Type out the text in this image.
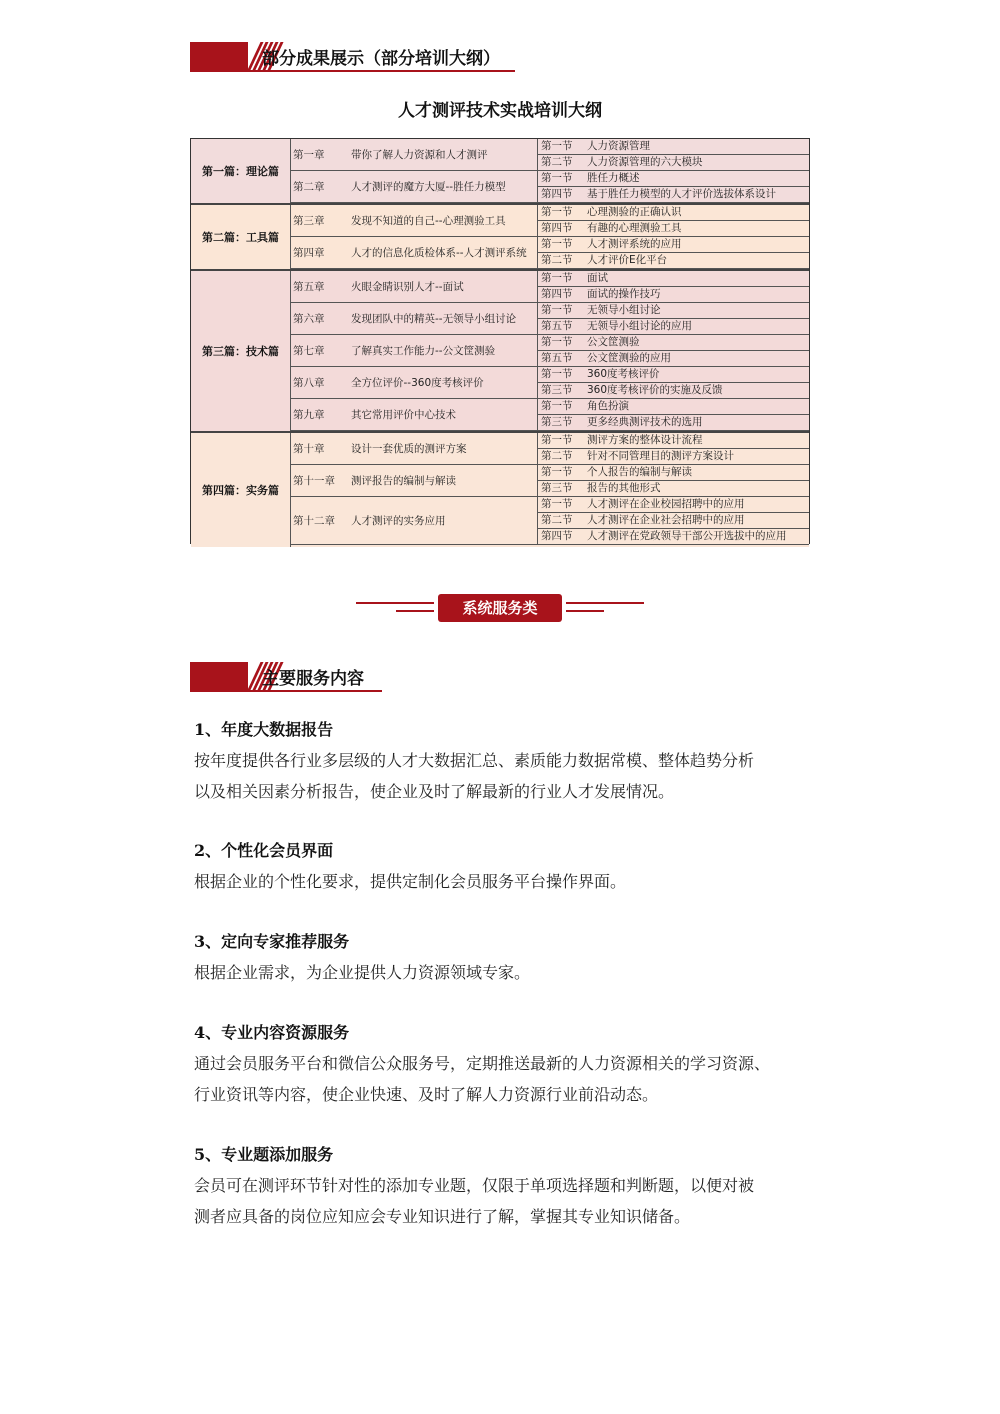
部分成果展示（部分培训大纲）
人才测评技术实战培训大纲
第一篇：理论篇
第一章	带你了解人力资源和人才测评
第一节 人力资源管理
第二节 人力资源管理的六大模块
第二章	人才测评的魔方大厦--胜任力模型
第一节 胜任力概述
第四节 基于胜任力模型的人才评价选拔体系设计
第二篇：工具篇
第三章	发现不知道的自己--心理测验工具
第一节 心理测验的正确认识
第四节 有趣的心理测验工具
第四章	人才的信息化质检体系--人才测评系统
第一节 人才测评系统的应用
第二节 人才评价E化平台
第三篇：技术篇
第五章	火眼金睛识别人才--面试
第一节 面试
第四节 面试的操作技巧
第六章	发现团队中的精英--无领导小组讨论
第一节 无领导小组讨论
第五节 无领导小组讨论的应用
第七章	了解真实工作能力--公文筐测验
第一节 公文筐测验
第五节 公文筐测验的应用
第八章	全方位评价--360度考核评价
第一节 360度考核评价
第三节 360度考核评价的实施及反馈
第九章	其它常用评价中心技术
第一节 角色扮演
第三节 更多经典测评技术的选用
第四篇：实务篇
第十章	设计一套优质的测评方案
第一节 测评方案的整体设计流程
第二节 针对不同管理目的测评方案设计
第十一章	测评报告的编制与解读
第一节 个人报告的编制与解读
第三节 报告的其他形式
第十二章	人才测评的实务应用
第一节 人才测评在企业校园招聘中的应用
第二节 人才测评在企业社会招聘中的应用
第四节 人才测评在党政领导干部公开选拔中的应用
系统服务类
主要服务内容
1、年度大数据报告
按年度提供各行业多层级的人才大数据汇总、素质能力数据常模、整体趋势分析
以及相关因素分析报告，使企业及时了解最新的行业人才发展情况。
2、个性化会员界面
根据企业的个性化要求，提供定制化会员服务平台操作界面。
3、定向专家推荐服务
根据企业需求，为企业提供人力资源领域专家。
4、专业内容资源服务
通过会员服务平台和微信公众服务号，定期推送最新的人力资源相关的学习资源、
行业资讯等内容，使企业快速、及时了解人力资源行业前沿动态。
5、专业题添加服务
会员可在测评环节针对性的添加专业题，仅限于单项选择题和判断题，以便对被
测者应具备的岗位应知应会专业知识进行了解，掌握其专业知识储备。
